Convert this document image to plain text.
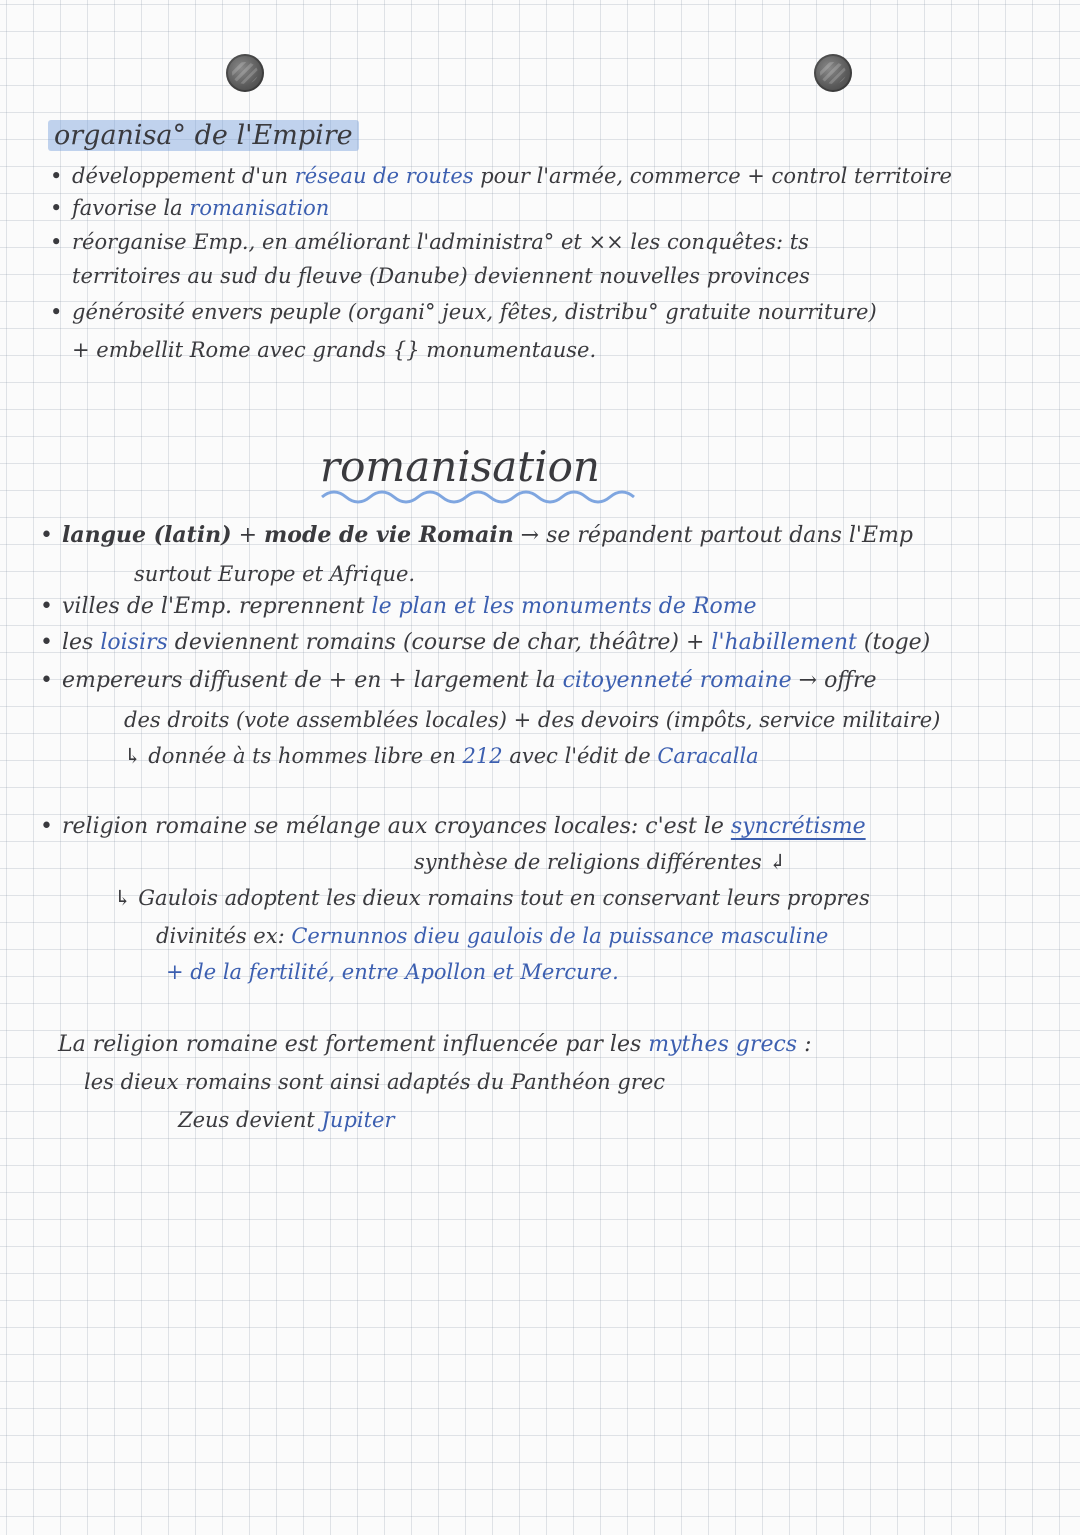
organisa° de l'Empire
• développement d'un réseau de routes pour l'armée, commerce + control territoire
• favorise la romanisation
• réorganise Emp., en améliorant l'administra° et ×× les conquêtes: ts
territoires au sud du fleuve (Danube) deviennent nouvelles provinces
• générosité envers peuple (organi° jeux, fêtes, distribu° gratuite nourriture)
+ embellit Rome avec grands {} monumentause.
romanisation
• langue (latin) + mode de vie Romain → se répandent partout dans l'Emp
surtout Europe et Afrique.
• villes de l'Emp. reprennent le plan et les monuments de Rome
• les loisirs deviennent romains (course de char, théâtre) + l'habillement (toge)
• empereurs diffusent de + en + largement la citoyenneté romaine → offre
des droits (vote assemblées locales) + des devoirs (impôts, service militaire)
↳ donnée à ts hommes libre en 212 avec l'édit de Caracalla
• religion romaine se mélange aux croyances locales: c'est le syncrétisme
synthèse de religions différentes ↲
↳ Gaulois adoptent les dieux romains tout en conservant leurs propres
divinités ex: Cernunnos dieu gaulois de la puissance masculine
+ de la fertilité, entre Apollon et Mercure.
La religion romaine est fortement influencée par les mythes grecs :
les dieux romains sont ainsi adaptés du Panthéon grec
Zeus devient Jupiter
